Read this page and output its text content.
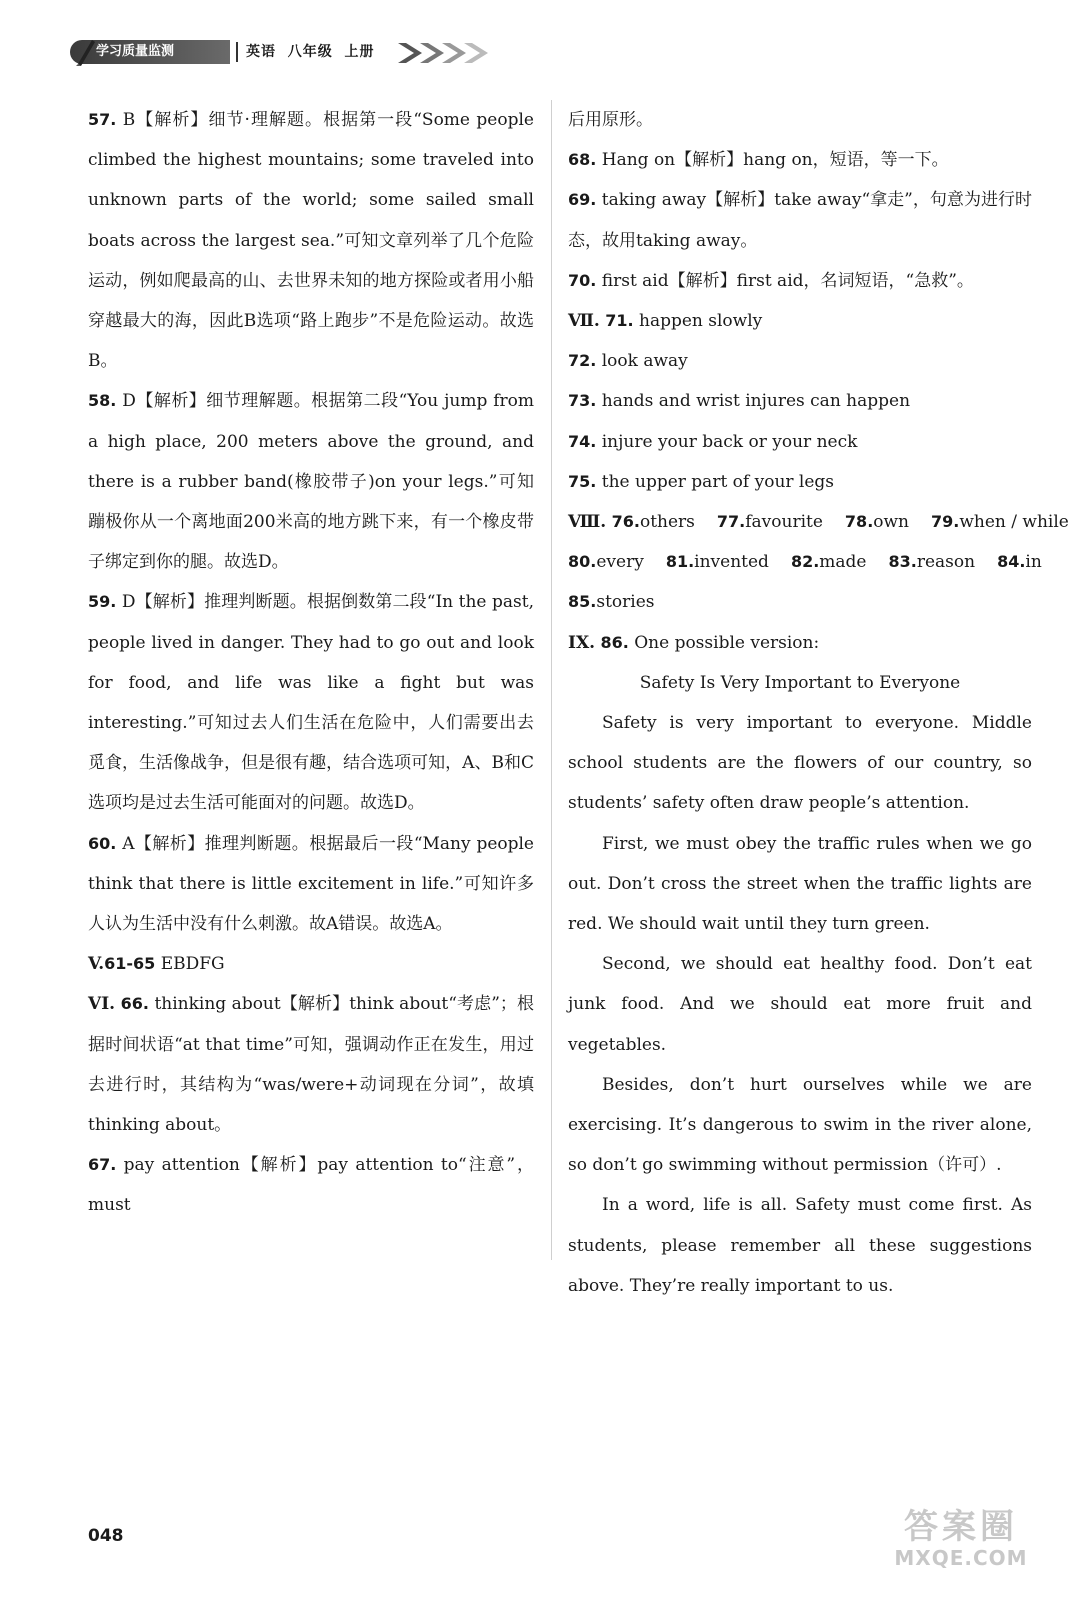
学习质量监测	英语 八年级 上册

57. B【解析】细节·理解题。根据第一段“Some people climbed the highest mountains; some traveled into unknown parts of the world; some sailed small boats across the largest sea.”可知文章列举了几个危险运动，例如爬最高的山、去世界未知的地方探险或者用小船穿越最大的海，因此B选项“路上跑步”不是危险运动。故选B。

58. D【解析】细节理解题。根据第二段“You jump from a high place, 200 meters above the ground, and there is a rubber band(橡胶带子)on your legs.”可知蹦极你从一个离地面200米高的地方跳下来，有一个橡皮带子绑定到你的腿。故选D。

59. D【解析】推理判断题。根据倒数第二段“In the past, people lived in danger. They had to go out and look for food, and life was like a fight but was interesting.”可知过去人们生活在危险中，人们需要出去觅食，生活像战争，但是很有趣，结合选项可知，A、B和C选项均是过去生活可能面对的问题。故选D。

60. A【解析】推理判断题。根据最后一段“Many people think that there is little excitement in life.”可知许多人认为生活中没有什么刺激。故A错误。故选A。

V.61-65 EBDFG

VI. 66. thinking about【解析】think about“考虑”；根据时间状语“at that time”可知，强调动作正在发生，用过去进行时，其结构为“was/were+动词现在分词”，故填thinking about。

67. pay attention【解析】pay attention to“注意”，must

后用原形。

68. Hang on【解析】hang on，短语，等一下。

69. taking away【解析】take away“拿走”，句意为进行时态，故用taking away。

70. first aid【解析】first aid，名词短语，“急救”。

Ⅶ. 71. happen slowly

72. look away

73. hands and wrist injures can happen

74. injure your back or your neck

75. the upper part of your legs

Ⅷ. 76.others 77.favourite 78.own 79.when / while
80.every 81.invented 82.made 83.reason 84.in

85.stories

IX. 86. One possible version:

Safety Is Very Important to Everyone

Safety is very important to everyone. Middle school students are the flowers of our country, so students’ safety often draw people’s attention.

First, we must obey the traffic rules when we go out. Don’t cross the street when the traffic lights are red. We should wait until they turn green.

Second, we should eat healthy food. Don’t eat junk food. And we should eat more fruit and vegetables.

Besides, don’t hurt ourselves while we are exercising. It’s dangerous to swim in the river alone, so don’t go swimming without permission（许可）.

In a word, life is all. Safety must come first. As students, please remember all these suggestions above. They’re really important to us.

048	答案圈
MXQE.COM
